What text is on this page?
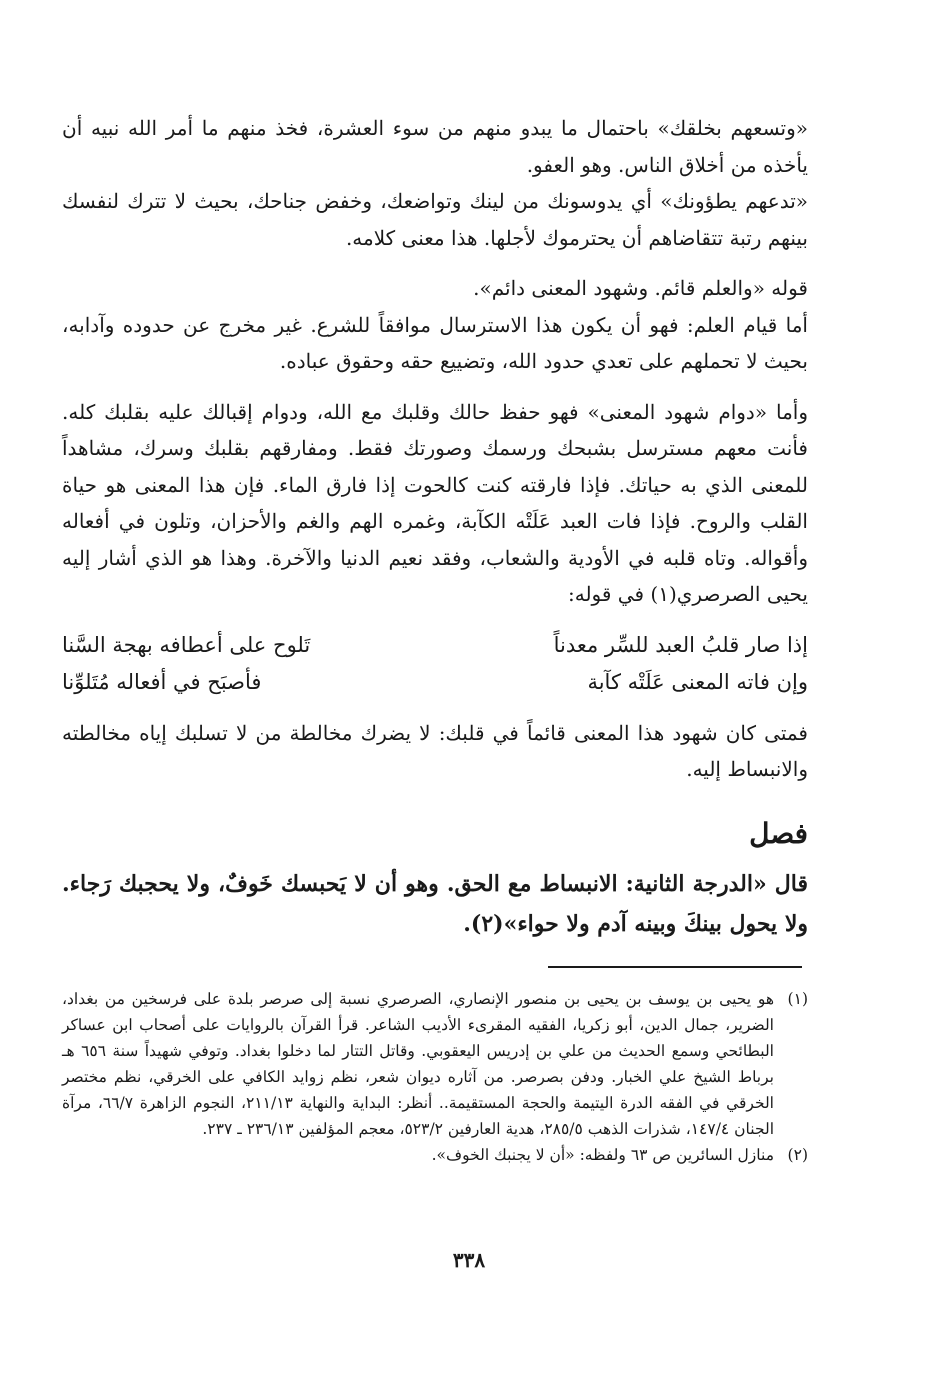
«وتسعهم بخلقك» باحتمال ما يبدو منهم من سوء العشرة، فخذ منهم ما أمر الله نبيه أن يأخذه من أخلاق الناس. وهو العفو.

«تدعهم يطؤونك» أي يدوسونك من لينك وتواضعك، وخفض جناحك، بحيث لا تترك لنفسك بينهم رتبة تتقاضاهم أن يحترموك لأجلها. هذا معنى كلامه.

قوله «والعلم قائم. وشهود المعنى دائم».

أما قيام العلم: فهو أن يكون هذا الاسترسال موافقاً للشرع. غير مخرج عن حدوده وآدابه، بحيث لا تحملهم على تعدي حدود الله، وتضييع حقه وحقوق عباده.

وأما «دوام شهود المعنى» فهو حفظ حالك وقلبك مع الله، ودوام إقبالك عليه بقلبك كله. فأنت معهم مسترسل بشبحك ورسمك وصورتك فقط. ومفارقهم بقلبك وسرك، مشاهداً للمعنى الذي به حياتك. فإذا فارقته كنت كالحوت إذا فارق الماء. فإن هذا المعنى هو حياة القلب والروح. فإذا فات العبد عَلَتْه الكآبة، وغمره الهم والغم والأحزان، وتلون في أفعاله وأقواله. وتاه قلبه في الأودية والشعاب، وفقد نعيم الدنيا والآخرة. وهذا هو الذي أشار إليه يحيى الصرصري(١) في قوله:

إذا صار قلبُ العبد للسِّر معدناً
تَلوح على أعطافه بهجة السَّنا
وإن فاته المعنى عَلَتْه كآبة
فأصبَح في أفعاله مُتَلوِّنا

فمتى كان شهود هذا المعنى قائماً في قلبك: لا يضرك مخالطة من لا تسلبك إياه مخالطته والانبساط إليه.

فصل

قال «الدرجة الثانية: الانبساط مع الحق. وهو أن لا يَحبسك خَوفٌ، ولا يحجبك رَجاء. ولا يحول بينكَ وبينه آدم ولا حواء»(٢).

(١)
هو يحيى بن يوسف بن يحيى بن منصور الإنصاري، الصرصري نسبة إلى صرصر بلدة على فرسخين من بغداد، الضرير، جمال الدين، أبو زكريا، الفقيه المقرىء الأديب الشاعر. قرأ القرآن بالروايات على أصحاب ابن عساكر البطائحي وسمع الحديث من علي بن إدريس اليعقوبي. وقاتل التتار لما دخلوا بغداد. وتوفي شهيداً سنة ٦٥٦ هـ برباط الشيخ علي الخبار. ودفن بصرصر. من آثاره ديوان شعر، نظم زوايد الكافي على الخرقي، نظم مختصر الخرقي في الفقه الدرة اليتيمة والحجة المستقيمة.. أنظر: البداية والنهاية ٢١١/١٣، النجوم الزاهرة ٦٦/٧، مرآة الجنان ١٤٧/٤، شذرات الذهب ٢٨٥/٥، هدية العارفين ٥٢٣/٢، معجم المؤلفين ٢٣٦/١٣ ـ ٢٣٧.
(٢)
منازل السائرين ص ٦٣ ولفظه: «أن لا يجنبك الخوف».
٣٣٨
